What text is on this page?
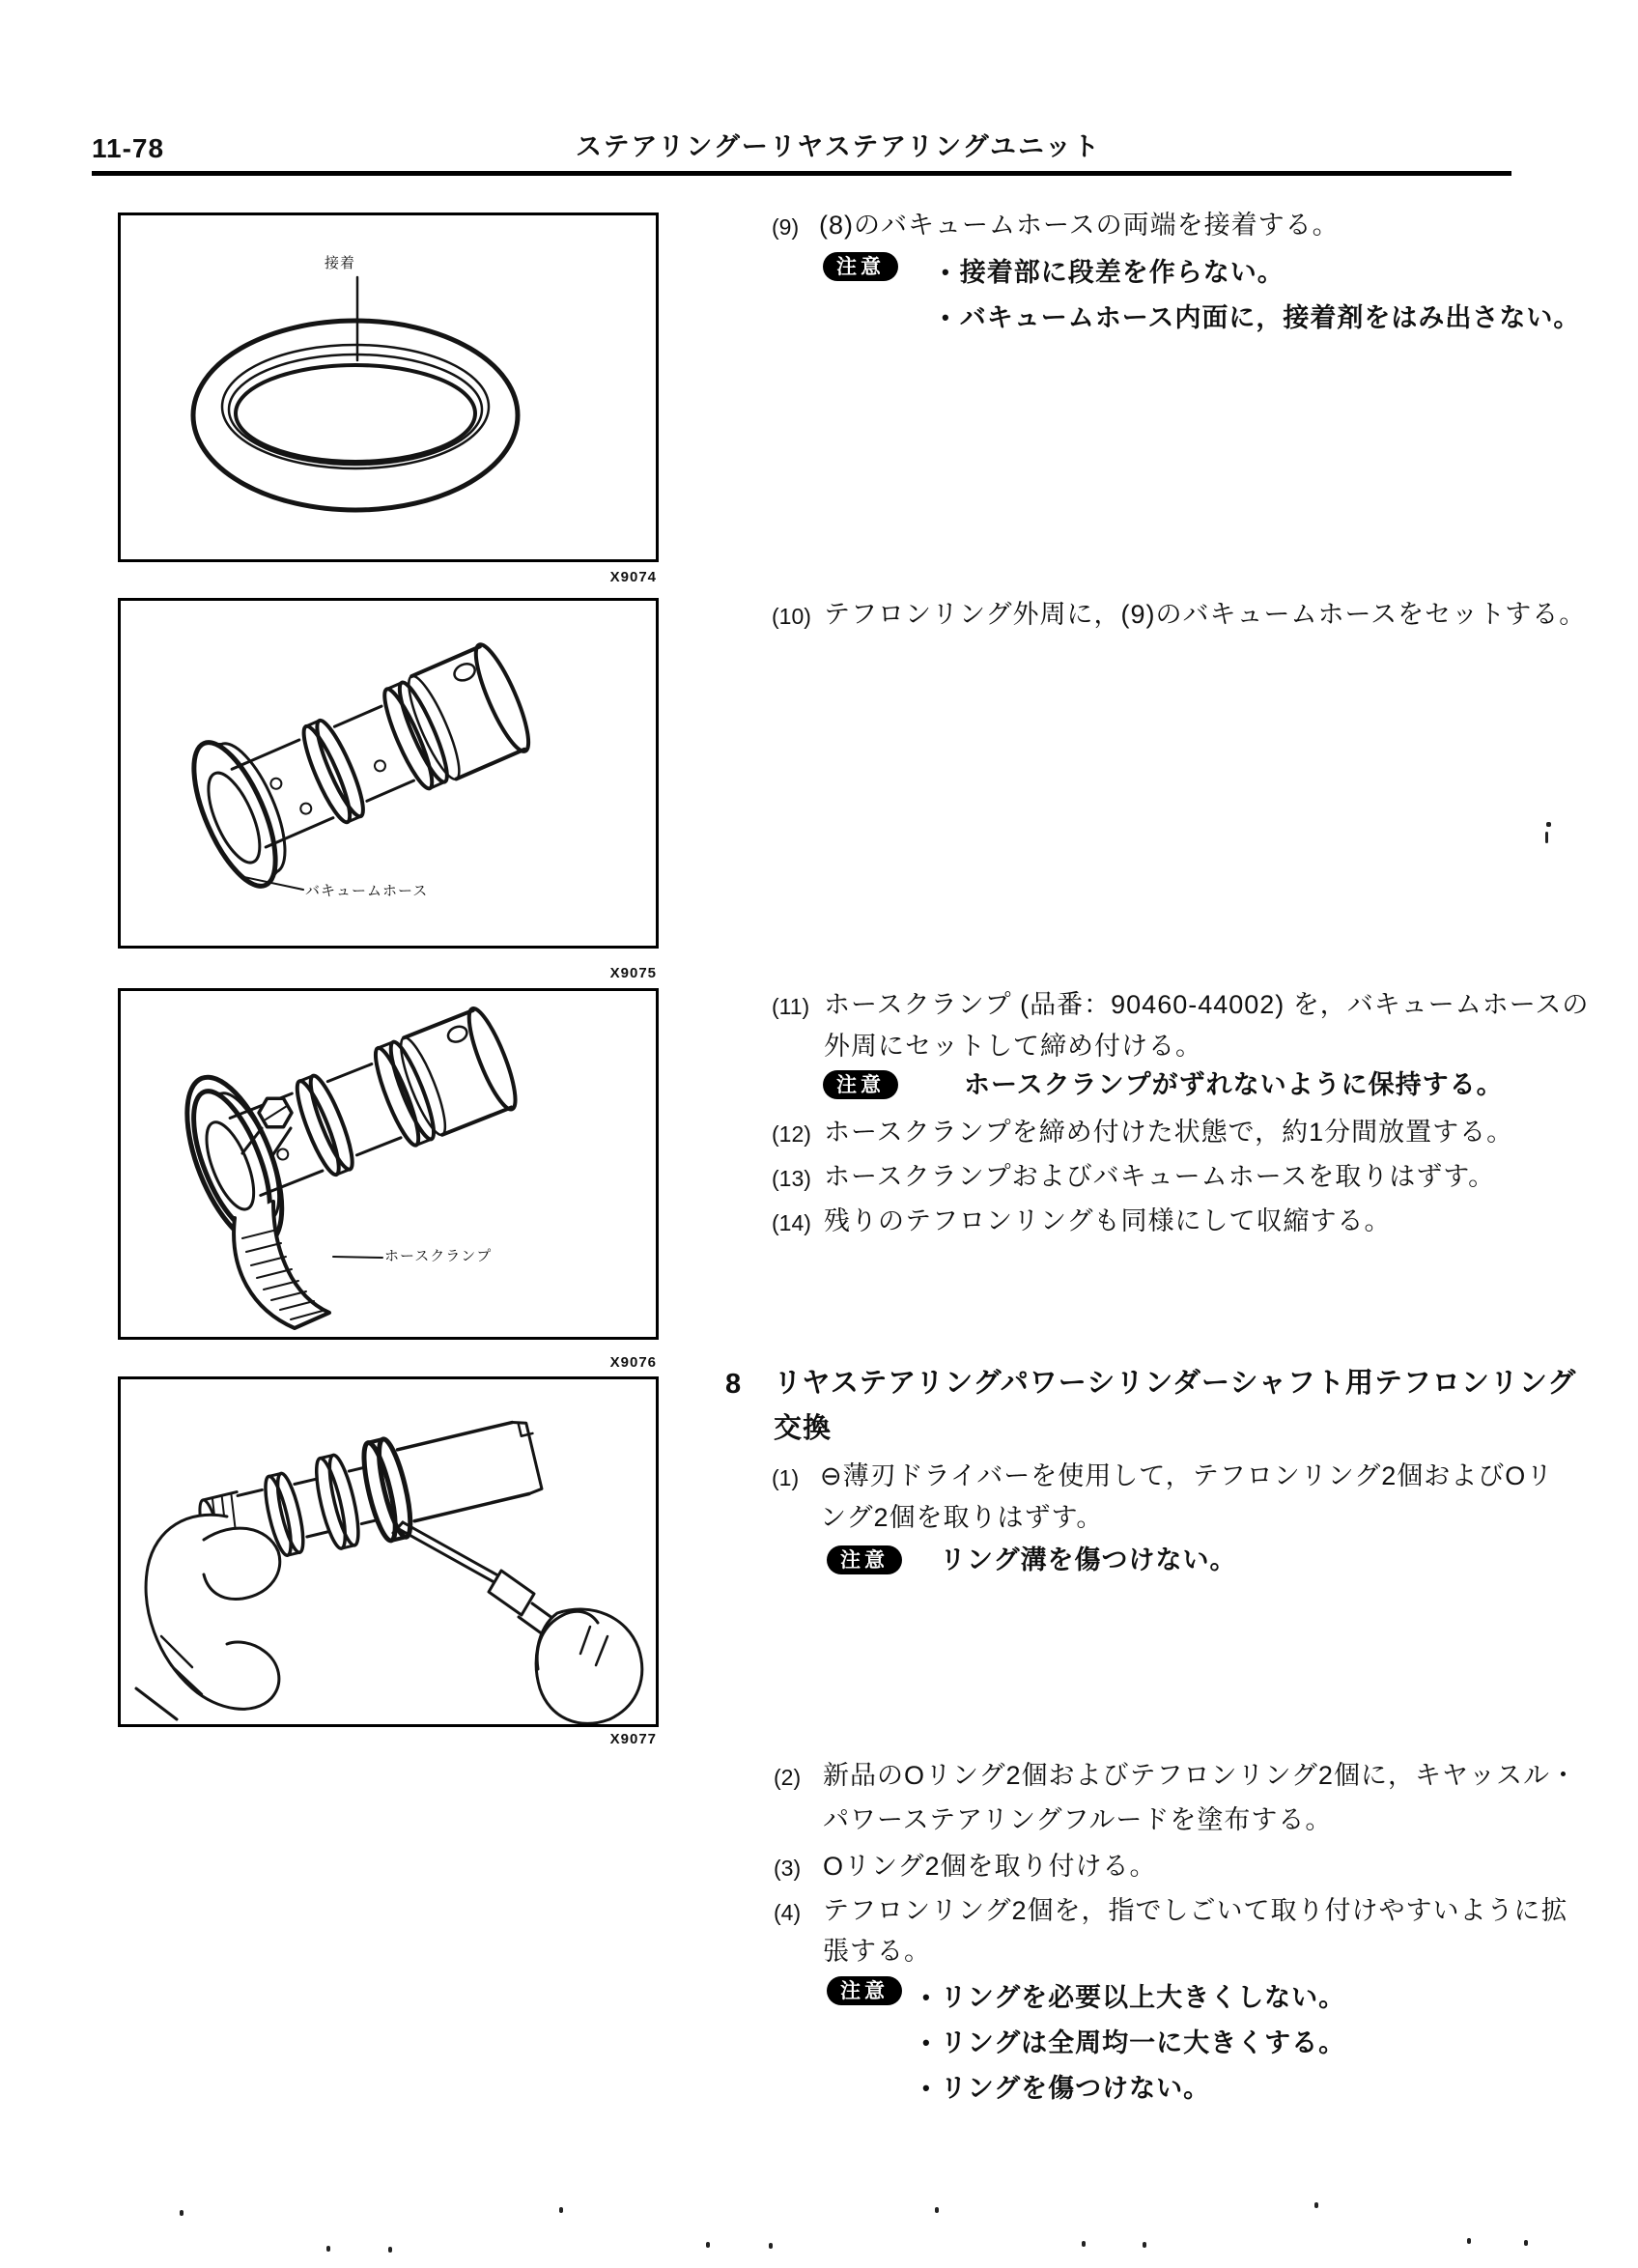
11-78	ステアリングーリヤステアリングユニット
接着
X9074
バキュームホース
X9075
ホースクランプ
X9076
X9077
(9) (8)のバキュームホースの両端を接着する。
注意	• 接着部に段差を作らない。
• バキュームホース内面に，接着剤をはみ出さない。
(10) テフロンリング外周に，(9)のバキュームホースをセットする。
(11) ホースクランプ (品番：90460-44002) を，バキュームホースの
外周にセットして締め付ける。
注意	ホースクランプがずれないように保持する。
(12) ホースクランプを締め付けた状態で，約1分間放置する。
(13) ホースクランプおよびバキュームホースを取りはずす。
(14) 残りのテフロンリングも同様にして収縮する。
8 リヤステアリングパワーシリンダーシャフト用テフロンリング
交換
(1) ⊖薄刃ドライバーを使用して，テフロンリング2個およびOリ
ング2個を取りはずす。
注意	リング溝を傷つけない。
(2) 新品のOリング2個およびテフロンリング2個に，キヤッスル・
パワーステアリングフルードを塗布する。
(3) Oリング2個を取り付ける。
(4) テフロンリング2個を，指でしごいて取り付けやすいように拡
張する。
注意	• リングを必要以上大きくしない。
• リングは全周均一に大きくする。
• リングを傷つけない。
